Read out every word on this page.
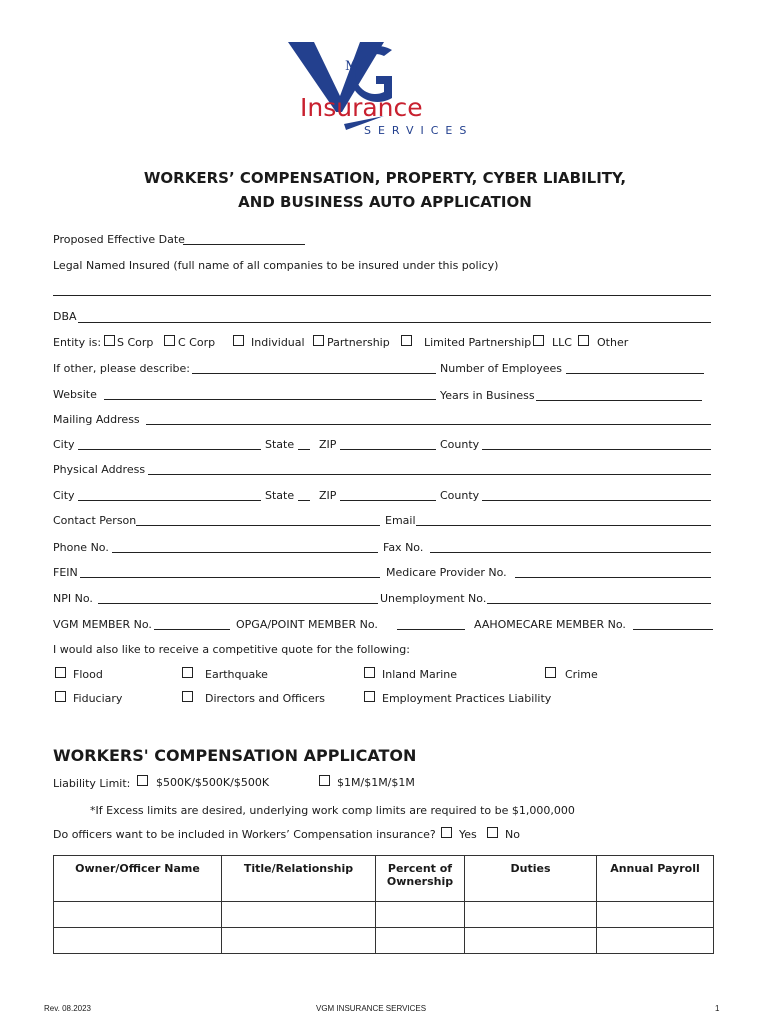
M
Insurance
SERVICES
WORKERS’ COMPENSATION, PROPERTY, CYBER LIABILITY,
AND BUSINESS AUTO APPLICATION
Proposed Effective Date
Legal Named Insured (full name of all companies to be insured under this policy)
DBA
Entity is: S Corp C Corp	Individual Partnership	Limited Partnership LLC Other
If other, please describe:	Number of Employees
Website	Years in Business
Mailing Address
City	State ZIP	County
Physical Address
City	State ZIP	County
Contact Person	Email
Phone No.	Fax No.
FEIN	Medicare Provider No.
NPI No.	Unemployment No.
VGM MEMBER No.	OPGA/POINT MEMBER No.	AAHOMECARE MEMBER No.
I would also like to receive a competitive quote for the following:
Flood	Earthquake	Inland Marine	Crime
Fiduciary	Directors and Officers	Employment Practices Liability
WORKERS' COMPENSATION APPLICATON
Liability Limit: $500K/$500K/$500K	$1M/$1M/$1M
*If Excess limits are desired, underlying work comp limits are required to be $1,000,000
Do officers want to be included in Workers’ Compensation insurance? Yes	No
Owner/Officer Name	Title/Relationship	Percent of Ownership	Duties	Annual Payroll

Rev. 08.2023	VGM INSURANCE SERVICES	1
